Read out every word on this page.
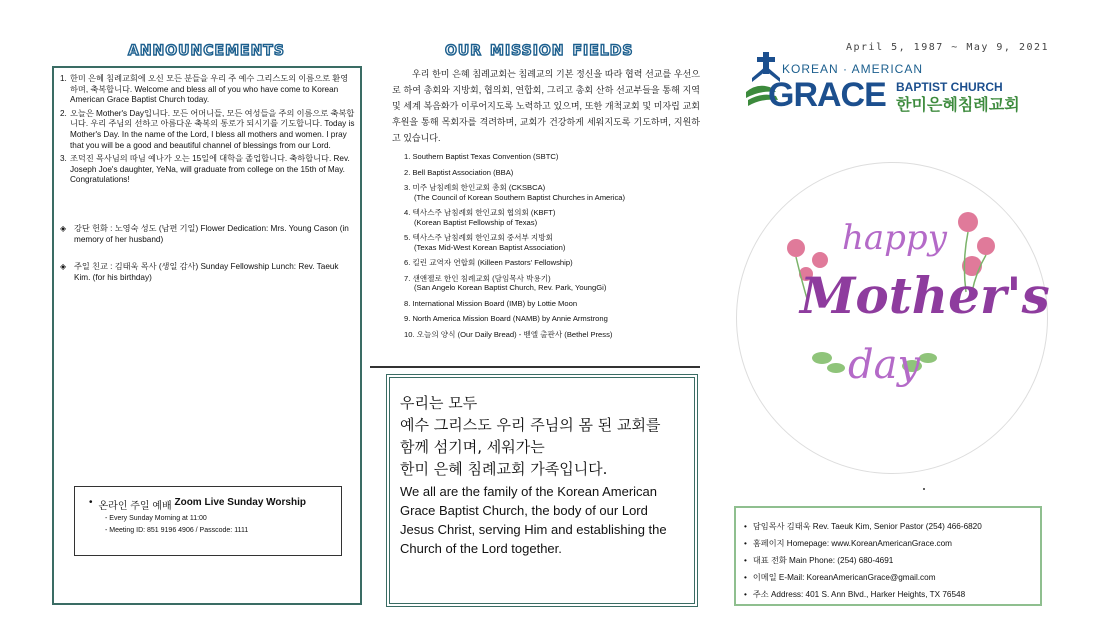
announcements	our mission fields
1. 한미 은혜 침례교회에 오신 모든 분들을 우리 주 예수 그리스도의 이름으로 환영하며, 축복합니다. Welcome and bless all of you who have come to Korean American Grace Baptist Church today.
2. 오늘은 Mother's Day입니다. 모든 어머니들, 모든 여성들을 주의 이름으로 축복합니다. 우리 주님의 선하고 아름다운 축복의 통로가 되시기를 기도합니다. Today is Mother's Day. In the name of the Lord, I bless all mothers and women. I pray that you will be a good and beautiful channel of blessings from our Lord.
3. 조덕진 목사님의 따님 예나가 오는 15일에 대학을 졸업합니다. 축하합니다. Rev. Joseph Joe's daughter, YeNa, will graduate from college on the 15th of May. Congratulations!
◈ 강단 헌화 : 노영숙 성도 (남편 기일) Flower Dedication: Mrs. Young Cason (in memory of her husband)
◈ 주일 친교 : 김태욱 목사 (생일 감사) Sunday Fellowship Lunch: Rev. Taeuk Kim. (for his birthday)
• 온라인 주일 예배
Zoom Live Sunday Worship
- Every Sunday Morning at 11:00
- Meeting ID: 851 9196 4906 / Passcode: 1111
우리 한미 은혜 침례교회는 침례교의 기본 정신을 따라 협력 선교를 우선으로 하여 총회와 지방회, 협의회, 연합회, 그리고 총회 산하 선교부들을 통해 지역 및 세계 복음화가 이루어지도록 노력하고 있으며, 또한 개척교회 및 미자립 교회 후원을 통해 목회자를 격려하며, 교회가 건강하게 세워지도록 기도하며, 지원하고 있습니다.
1. Southern Baptist Texas Convention (SBTC)
2. Bell Baptist Association (BBA)
3. 미주 남침례회 한인교회 총회 (CKSBCA)
(The Council of Korean Southern Baptist Churches in America)
4. 텍사스주 남침례회 한인교회 협의회 (KBFT)
(Korean Baptist Fellowship of Texas)
5. 텍사스주 남침례회 한인교회 중서부 지방회
(Texas Mid-West Korean Baptist Association)
6. 킬린 교역자 연합회 (Killeen Pastors' Fellowship)
7. 샌앤젤로 한인 침례교회 (담임목사 박용기)
(San Angelo Korean Baptist Church, Rev. Park, YoungGi)
8. International Mission Board (IMB) by Lottie Moon
9. North America Mission Board (NAMB) by Annie Armstrong
10. 오늘의 양식 (Our Daily Bread) - 벧엘 출판사 (Bethel Press)
우리는 모두
예수 그리스도 우리 주님의 몸 된 교회를
함께 섬기며, 세워가는
한미 은혜 침례교회 가족입니다.
We all are the family of the Korean American Grace Baptist Church, the body of our Lord Jesus Christ, serving Him and establishing the Church of the Lord together.
April 5, 1987 ~ May 9, 2021
KOREAN · AMERICAN
GRACE BAPTIST CHURCH
한미은혜침례교회
happy
Mother's
day
• 담임목사 김태욱 Rev. Taeuk Kim, Senior Pastor (254) 466-6820
• 홈페이지 Homepage: www.KoreanAmericanGrace.com
• 대표 전화 Main Phone: (254) 680-4691
• 이메일 E-Mail: KoreanAmericanGrace@gmail.com
• 주소 Address: 401 S. Ann Blvd., Harker Heights, TX 76548
